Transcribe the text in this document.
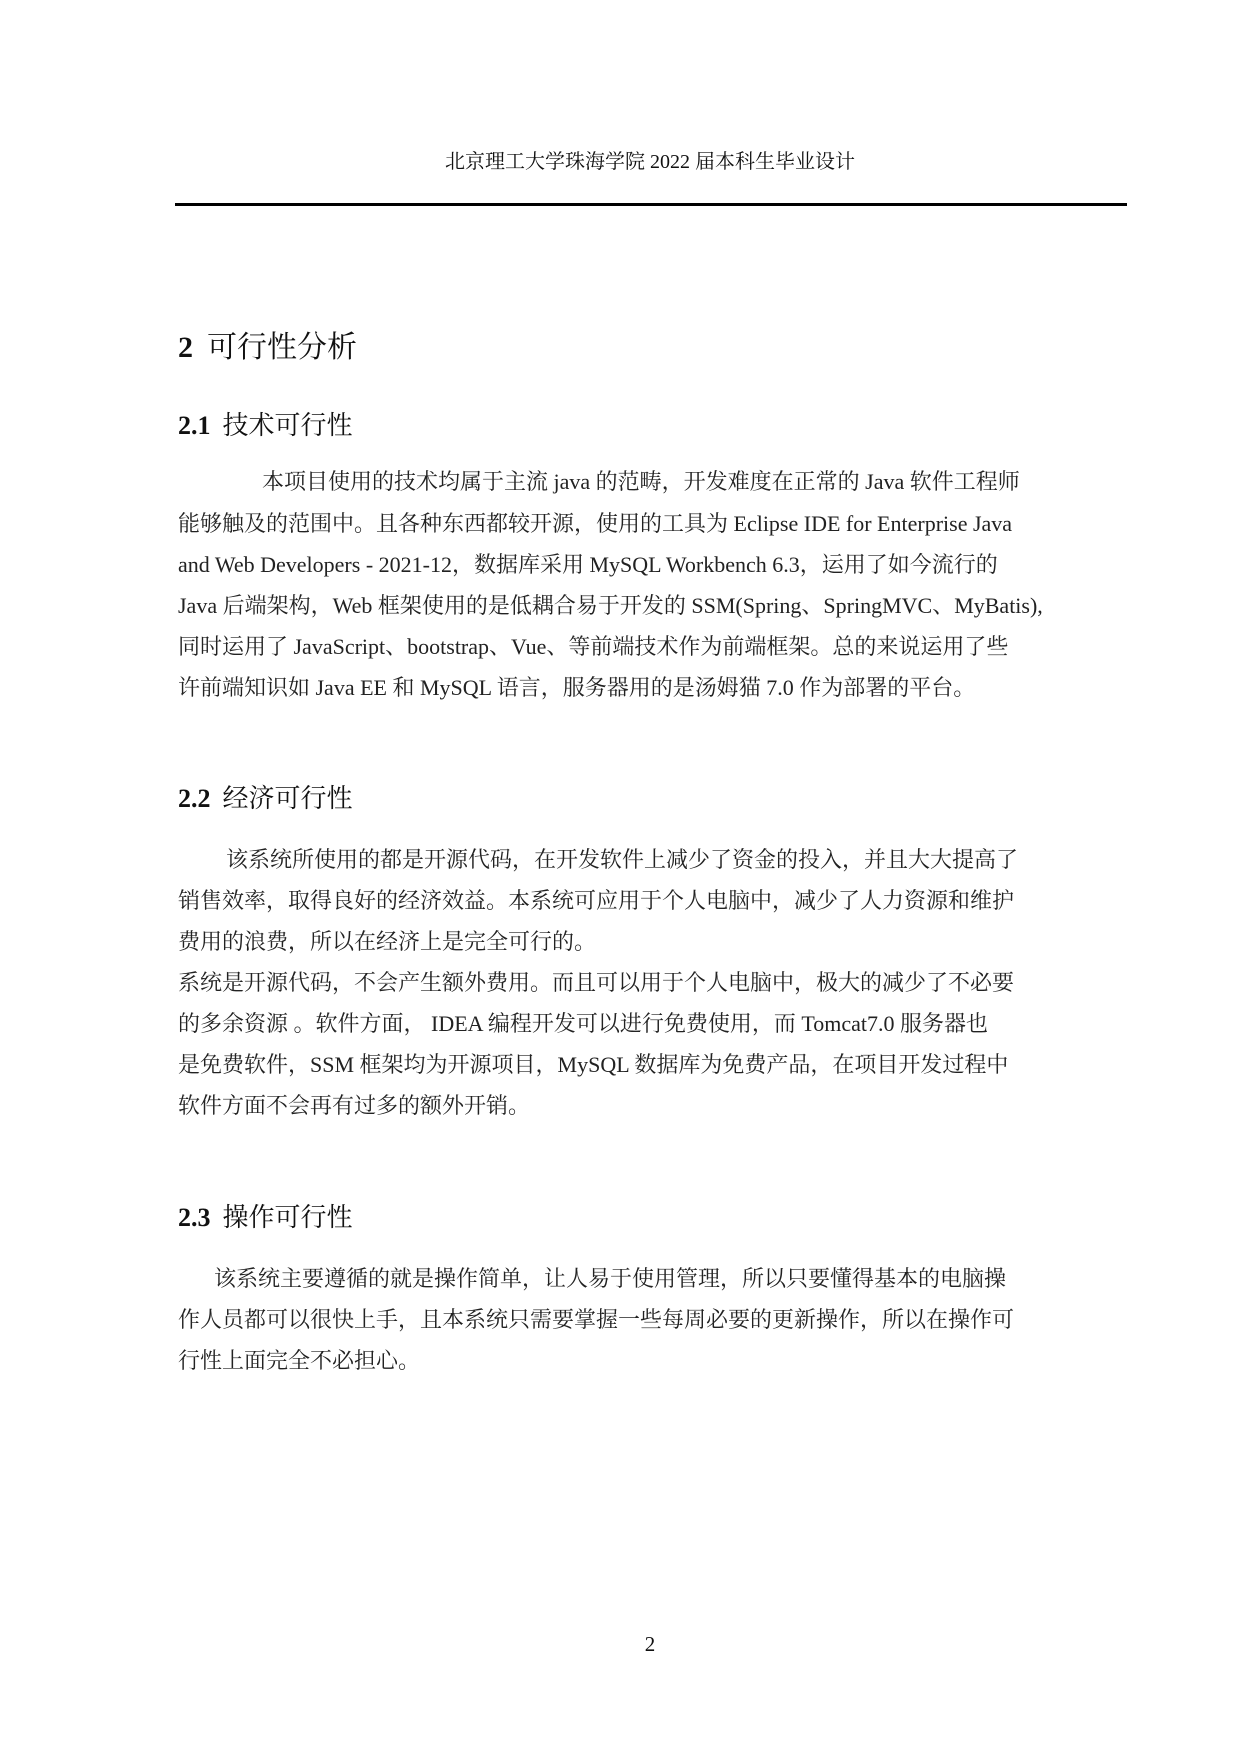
北京理工大学珠海学院 2022 届本科生毕业设计
2 可行性分析
2.1 技术可行性
本项目使用的技术均属于主流 java 的范畴，开发难度在正常的 Java 软件工程师
能够触及的范围中。且各种东西都较开源，使用的工具为 Eclipse IDE for Enterprise Java
and Web Developers - 2021-12，数据库采用 MySQL Workbench 6.3，运用了如今流行的
Java 后端架构，Web 框架使用的是低耦合易于开发的 SSM(Spring、SpringMVC、MyBatis),
同时运用了 JavaScript、bootstrap、Vue、等前端技术作为前端框架。总的来说运用了些
许前端知识如 Java EE 和 MySQL 语言，服务器用的是汤姆猫 7.0 作为部署的平台。
2.2 经济可行性
该系统所使用的都是开源代码，在开发软件上减少了资金的投入，并且大大提高了
销售效率，取得良好的经济效益。本系统可应用于个人电脑中，减少了人力资源和维护
费用的浪费，所以在经济上是完全可行的。
系统是开源代码，不会产生额外费用。而且可以用于个人电脑中，极大的减少了不必要
的多余资源 。软件方面， IDEA 编程开发可以进行免费使用，而 Tomcat7.0 服务器也
是免费软件，SSM 框架均为开源项目，MySQL 数据库为免费产品，在项目开发过程中
软件方面不会再有过多的额外开销。
2.3 操作可行性
该系统主要遵循的就是操作简单，让人易于使用管理，所以只要懂得基本的电脑操
作人员都可以很快上手，且本系统只需要掌握一些每周必要的更新操作，所以在操作可
行性上面完全不必担心。
2
